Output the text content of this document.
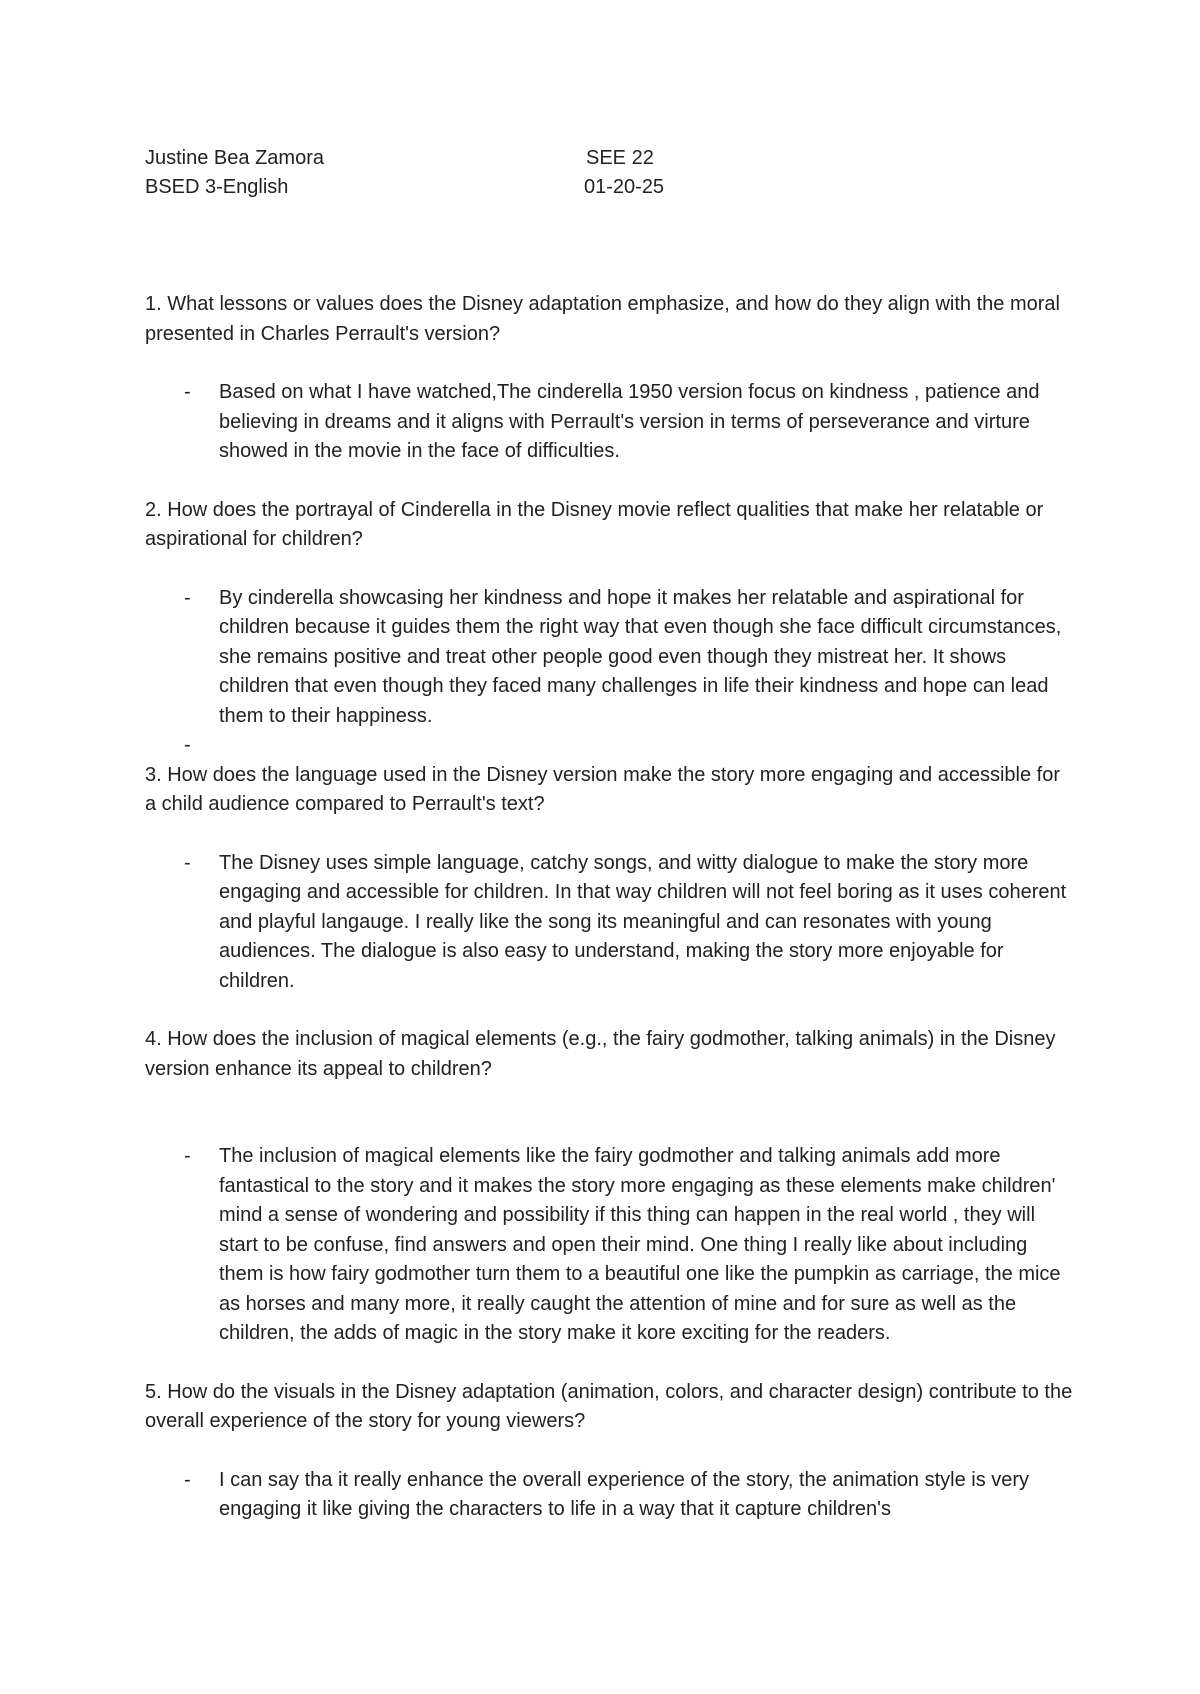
Justine Bea Zamora
BSED 3-English
SEE 22
01-20-25

1. What lessons or values does the Disney adaptation emphasize, and how do they align with the moral presented in Charles Perrault's version?

- Based on what I have watched,The cinderella 1950 version focus on kindness , patience and believing in dreams and it aligns with Perrault's version in terms of perseverance and virture showed in the movie in the face of difficulties.

2. How does the portrayal of Cinderella in the Disney movie reflect qualities that make her relatable or aspirational for children?

- By cinderella showcasing her kindness and hope it makes her relatable and aspirational for children because it guides them the right way that even though she face difficult circumstances, she remains positive and treat other people good even though they mistreat her. It shows children that even though they faced many challenges in life their kindness and hope can lead them to their happiness.
-

3. How does the language used in the Disney version make the story more engaging and accessible for a child audience compared to Perrault's text?

- The Disney uses simple language, catchy songs, and witty dialogue to make the story more engaging and accessible for children. In that way children will not feel boring as it uses coherent and playful langauge. I really like the song its meaningful and can resonates with young audiences. The dialogue is also easy to understand, making the story more enjoyable for children.

4. How does the inclusion of magical elements (e.g., the fairy godmother, talking animals) in the Disney version enhance its appeal to children?

- The inclusion of magical elements like the fairy godmother and talking animals add more fantastical to the story and it makes the story more engaging as these elements make children' mind a sense of wondering and possibility if this thing can happen in the real world , they will start to be confuse, find answers and open their mind. One thing I really like about including them is how fairy godmother turn them to a beautiful one like the pumpkin as carriage, the mice as horses and many more, it really caught the attention of mine and for sure as well as the children, the adds of magic in the story make it kore exciting for the readers.

5. How do the visuals in the Disney adaptation (animation, colors, and character design) contribute to the overall experience of the story for young viewers?

- I can say tha it really enhance the overall experience of the story, the animation style is very engaging it like giving the characters to life in a way that it capture children's
